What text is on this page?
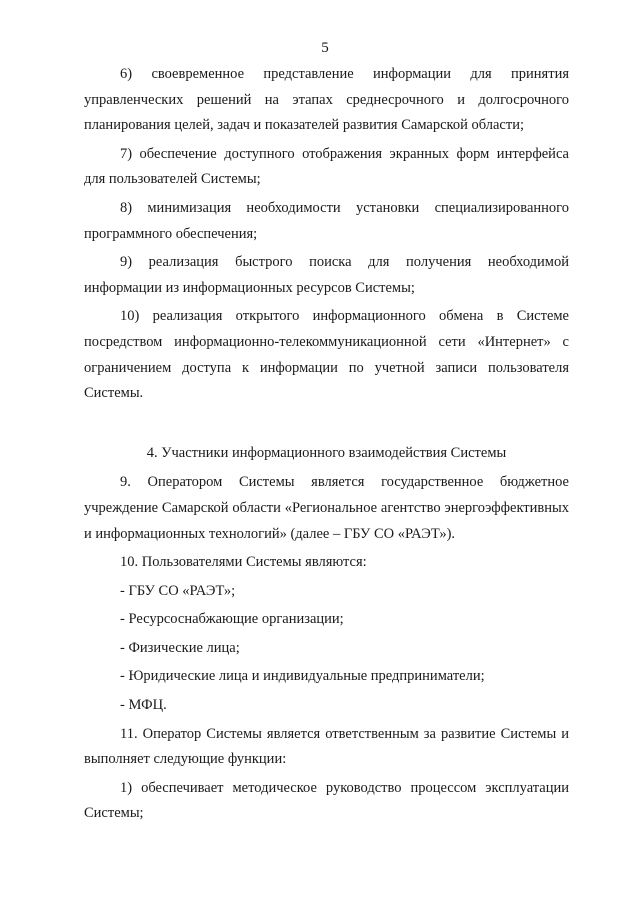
5

6) своевременное представление информации для принятия управленческих решений на этапах среднесрочного и долгосрочного планирования целей, задач и показателей развития Самарской области;

7) обеспечение доступного отображения экранных форм интерфейса для пользователей Системы;

8) минимизация необходимости установки специализированного программного обеспечения;

9) реализация быстрого поиска для получения необходимой информации из информационных ресурсов Системы;

10) реализация открытого информационного обмена в Системе посредством информационно-телекоммуникационной сети «Интернет» с ограничением доступа к информации по учетной записи пользователя Системы.

4. Участники информационного взаимодействия Системы

9. Оператором Системы является государственное бюджетное учреждение Самарской области «Региональное агентство энергоэффективных и информационных технологий» (далее – ГБУ СО «РАЭТ»).

10. Пользователями Системы являются:

- ГБУ СО «РАЭТ»;

- Ресурсоснабжающие организации;

- Физические лица;

- Юридические лица и индивидуальные предприниматели;

- МФЦ.

11. Оператор Системы является ответственным за развитие Системы и выполняет следующие функции:

1) обеспечивает методическое руководство процессом эксплуатации Системы;
